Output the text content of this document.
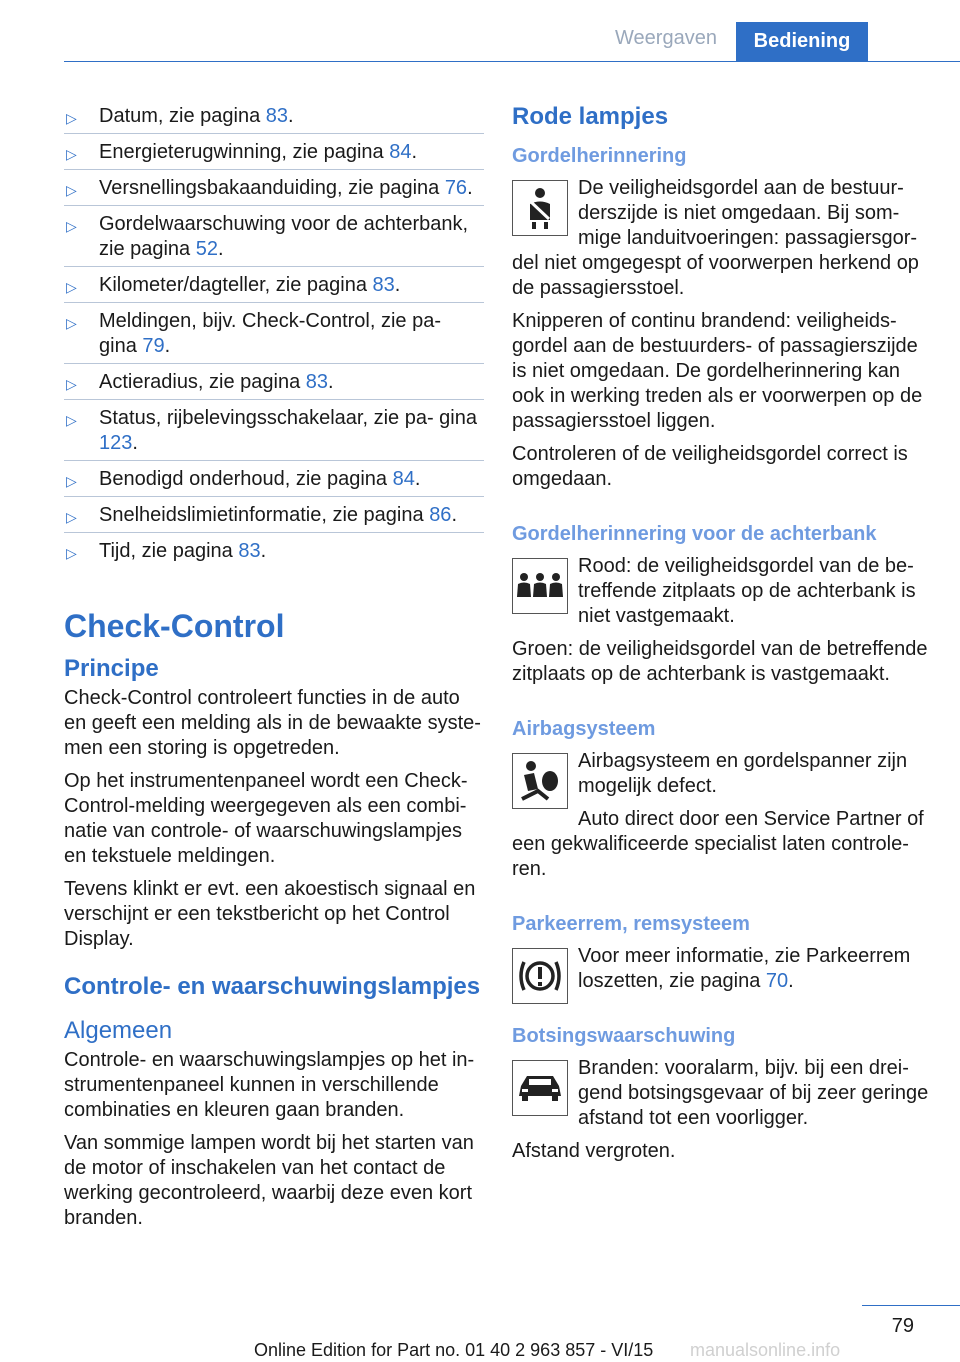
Weergaven	Bediening
▷ Datum, zie pagina 83.
▷ Energieterugwinning, zie pagina 84.
▷ Versnellingsbakaanduiding, zie pagina 76.
▷ Gordelwaarschuwing voor de achterbank, zie pagina 52.
▷ Kilometer/dagteller, zie pagina 83.
▷ Meldingen, bijv. Check-Control, zie pa- gina 79.
▷ Actieradius, zie pagina 83.
▷ Status, rijbelevingsschakelaar, zie pa- gina 123.
▷ Benodigd onderhoud, zie pagina 84.
▷ Snelheidslimietinformatie, zie pagina 86.
▷ Tijd, zie pagina 83.
Check-Control
Principe

Check-Control controleert functies in de auto en geeft een melding als in de bewaakte syste- men een storing is opgetreden.

Op het instrumentenpaneel wordt een Check- Control-melding weergegeven als een combi- natie van controle- of waarschuwingslampjes en tekstuele meldingen.

Tevens klinkt er evt. een akoestisch signaal en verschijnt er een tekstbericht op het Control Display.

Controle- en waarschuwingslampjes
Algemeen

Controle- en waarschuwingslampjes op het in- strumentenpaneel kunnen in verschillende combinaties en kleuren gaan branden.

Van sommige lampen wordt bij het starten van de motor of inschakelen van het contact de werking gecontroleerd, waarbij deze even kort branden.

Rode lampjes
Gordelherinnering

De veiligheidsgordel aan de bestuur- derszijde is niet omgedaan. Bij som- mige landuitvoeringen: passagiersgor- del niet omgegespt of voorwerpen herkend op de passagiersstoel.

Knipperen of continu brandend: veiligheids- gordel aan de bestuurders- of passagierszijde is niet omgedaan. De gordelherinnering kan ook in werking treden als er voorwerpen op de passagiersstoel liggen.

Controleren of de veiligheidsgordel correct is omgedaan.

Gordelherinnering voor de achterbank

Rood: de veiligheidsgordel van de be- treffende zitplaats op de achterbank is niet vastgemaakt.

Groen: de veiligheidsgordel van de betreffende zitplaats op de achterbank is vastgemaakt.

Airbagsysteem

Airbagsysteem en gordelspanner zijn mogelijk defect.

Auto direct door een Service Partner of een gekwalificeerde specialist laten controle- ren.

Parkeerrem, remsysteem

Voor meer informatie, zie Parkeerrem loszetten, zie pagina 70.

Botsingswaarschuwing

Branden: vooralarm, bijv. bij een drei- gend botsingsgevaar of bij zeer geringe afstand tot een voorligger.

Afstand vergroten.

79
Online Edition for Part no. 01 40 2 963 857 - VI/15	manualsonline.info
